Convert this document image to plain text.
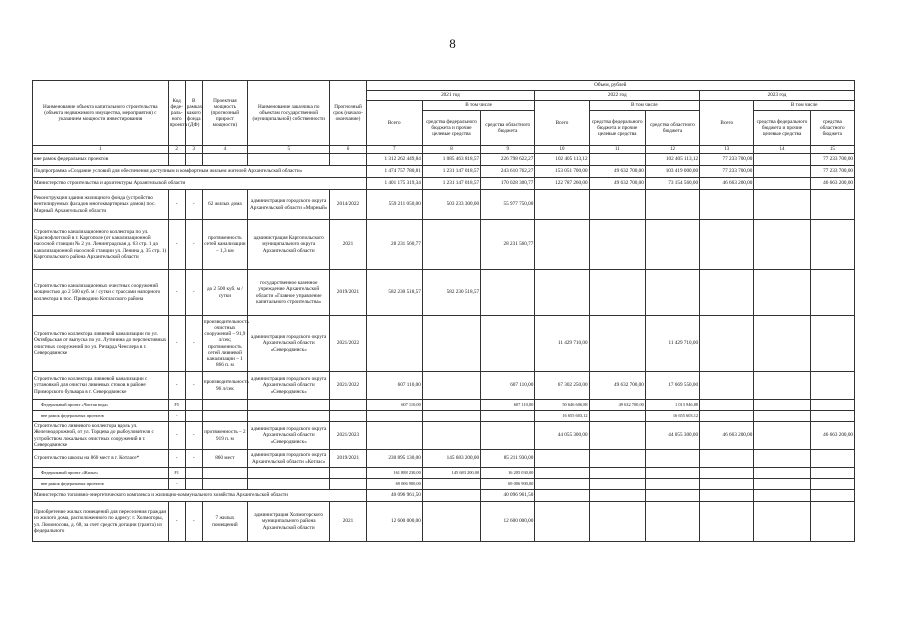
8
Наименование объекта капитального строительства (объекта недвижимого имущества, мероприятия) с указанием мощности инвестирования	Код феде-раль-ного проекта	В рамках какого фонда (ДФ)	Проектная мощность (прогнозный прирост мощности)	Наименование заказчика по объектам государственной (муниципальной) собственности	Прогнозный срок (начало-окончание)	Объем, рублей								
						2021 год			2022 год			2023 год		
						Всего	В том числе		Всего	В том числе		Всего	В том числе	
							средства федерального бюджета и прочие целевые средства	средства областного бюджета		средства федерального бюджета и прочие целевые средства	средства областного бюджета		средства федерального бюджета и прочие целевые средства	средства областного бюджета
1	2	3	4	5	6	7	8	9	10	11	12	13	14	15
вне рамок федеральных проектов						1 312 262 449,84	1 085 463 818,57	226 798 622,27	102 405 113,12		102 405 113,12	77 233 700,00		77 233 700,00
Подпрограмма «Создание условий для обеспечения доступным и комфортным жильем жителей Архангельской области»						1 474 757 780,81	1 231 147 018,57	243 610 762,27	153 051 700,00	49 632 700,00	103 419 000,00	77 233 700,00		77 233 700,00
Министерство строительства и архитектуры Архангельской области						1 401 175 319,34	1 231 147 018,57	170 028 300,77	122 787 260,00	49 632 700,00	73 154 560,00	46 663 200,00		46 663 200,00
Реконструкция здания жилищного фонда (устройство вентилируемых фасадов многоквартирных домов) пос. Мирный Архангельской области	-	-	62 жилых дома	администрация городского округа Архангельской области «Мирный»	2014/2022	559 211 050,00	503 233 300,00	55 977 750,00						
Строительство канализационного коллектора по ул. Краснофлотской в г. Каргополе (от канализационной насосной станции № 2 ул. Ленинградская д. 63 стр. 1 до канализационной насосной станции ул. Ленина д. 35 стр. 1) Каргопольского района Архангельской области	-	-	протяженность сетей канализации – 1,3 км	администрация Каргопольского муниципального округа Архангельской области	2021	28 231 560,77		28 231 560,77						
Строительство канализационных очистных сооружений мощностью до 2 500 куб. м / сутки с трассами напорного коллектора в пос. Приводино Котласского района	-	-	до 2 500 куб. м / сутки	государственное казенное учреждение Архангельской области «Главное управление капитального строительства»	2019/2021	582 230 518,57	582 230 518,57							
Строительство коллектора ливневой канализации по ул. Октябрьская от выпуска по ул. Лутинина до перспективных очистных сооружений по ул. Ричарда Ченслера в г. Северодвинске	-	-	производительность очистных сооружений – 91,9 л/сек; протяженность сетей ливневой канализации – 1 866 п. м	администрация городского округа Архангельской области «Северодвинск»	2021/2022				11 429 710,00		11 429 710,00			
Строительство коллектора ливневой канализации с установкой для очистки ливневых стоков в районе Приморского бульвара в г. Северодвинске	-	-	производительность 96 л/сек	администрация городского округа Архангельской области «Северодвинск»	2021/2022	607 110,00		607 110,00	67 302 250,00	49 632 700,00	17 669 550,00			
Федеральный проект «Чистая вода»	F5					607 110,00		607 110,00	50 646 606,88	49 632 700,00	1 013 946,88			
вне рамок федеральных проектов	-								16 655 603,12		16 655 603,12			
Строительство ливневого коллектора вдоль ул. Железнодорожной, от ул. Торцева до рыбоуловителя с устройством локальных очистных сооружений в г. Северодвинске	-	-	протяженность – 2 919 п. м	администрация городского округа Архангельской области «Северодвинск»	2021/2023				44 055 300,00		44 055 300,00	46 663 200,00		46 663 200,00
Строительство школы на 860 мест в г. Котласе*	-	-	860 мест	администрация городского округа Архангельской области «Котлас»	2019/2021	230 895 130,00	145 683 200,00	85 211 930,00						
Федеральный проект «Жилье»	F1					161 888 230,00	145 683 200,00	16 205 030,00						
вне рамок федеральных проектов	-					69 006 900,00		69 006 900,00						
Министерство топливно-энергетического комплекса и жилищно-коммунального хозяйства Архангельской области						40 096 961,50		40 096 961,50						
Приобретение жилых помещений для переселения граждан из жилого дома, расположенного по адресу: г. Холмогоры, ул. Ломоносова, д. 68, за счет средств дотации (гранта) из федерального	-	-	7 жилых помещений	администрация Холмогорского муниципального района Архангельской области	2021	12 600 000,00		12 600 000,00						
